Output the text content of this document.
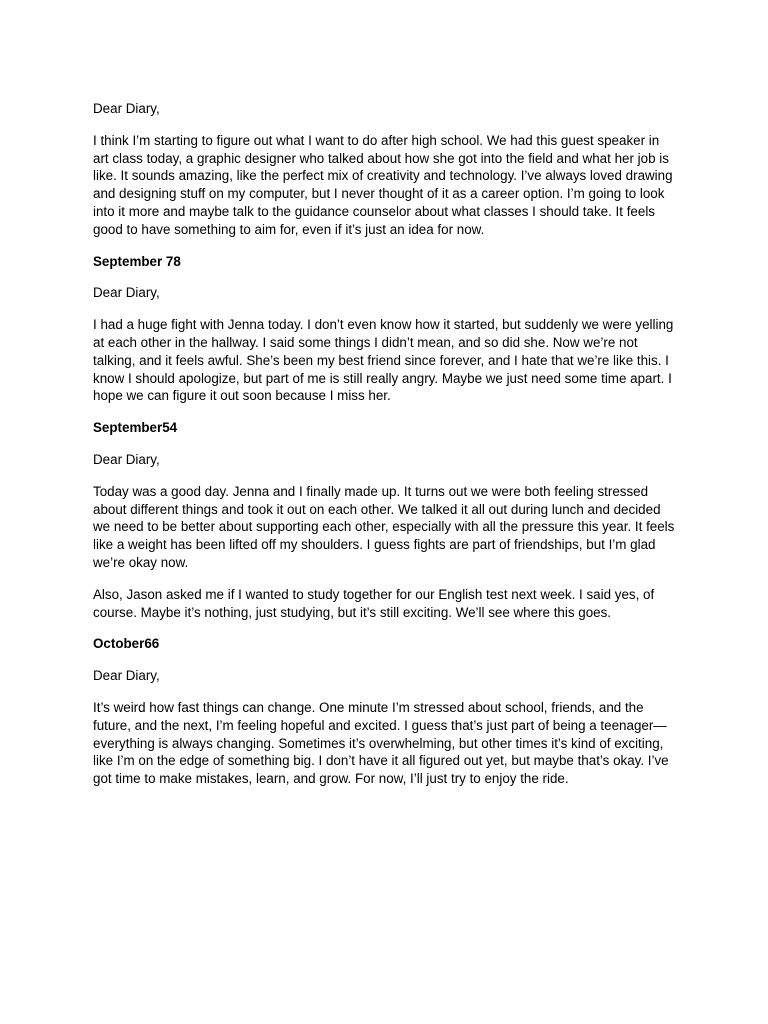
Dear Diary,

I think I’m starting to figure out what I want to do after high school. We had this guest speaker in art class today, a graphic designer who talked about how she got into the field and what her job is like. It sounds amazing, like the perfect mix of creativity and technology. I’ve always loved drawing and designing stuff on my computer, but I never thought of it as a career option. I’m going to look into it more and maybe talk to the guidance counselor about what classes I should take. It feels good to have something to aim for, even if it’s just an idea for now.

September 78

Dear Diary,

I had a huge fight with Jenna today. I don’t even know how it started, but suddenly we were yelling at each other in the hallway. I said some things I didn’t mean, and so did she. Now we’re not talking, and it feels awful. She’s been my best friend since forever, and I hate that we’re like this. I know I should apologize, but part of me is still really angry. Maybe we just need some time apart. I hope we can figure it out soon because I miss her.

September54

Dear Diary,

Today was a good day. Jenna and I finally made up. It turns out we were both feeling stressed about different things and took it out on each other. We talked it all out during lunch and decided we need to be better about supporting each other, especially with all the pressure this year. It feels like a weight has been lifted off my shoulders. I guess fights are part of friendships, but I’m glad we’re okay now.

Also, Jason asked me if I wanted to study together for our English test next week. I said yes, of course. Maybe it’s nothing, just studying, but it’s still exciting. We’ll see where this goes.

October66

Dear Diary,

It’s weird how fast things can change. One minute I’m stressed about school, friends, and the future, and the next, I’m feeling hopeful and excited. I guess that’s just part of being a teenager—everything is always changing. Sometimes it’s overwhelming, but other times it’s kind of exciting, like I’m on the edge of something big. I don’t have it all figured out yet, but maybe that’s okay. I’ve got time to make mistakes, learn, and grow. For now, I’ll just try to enjoy the ride.
